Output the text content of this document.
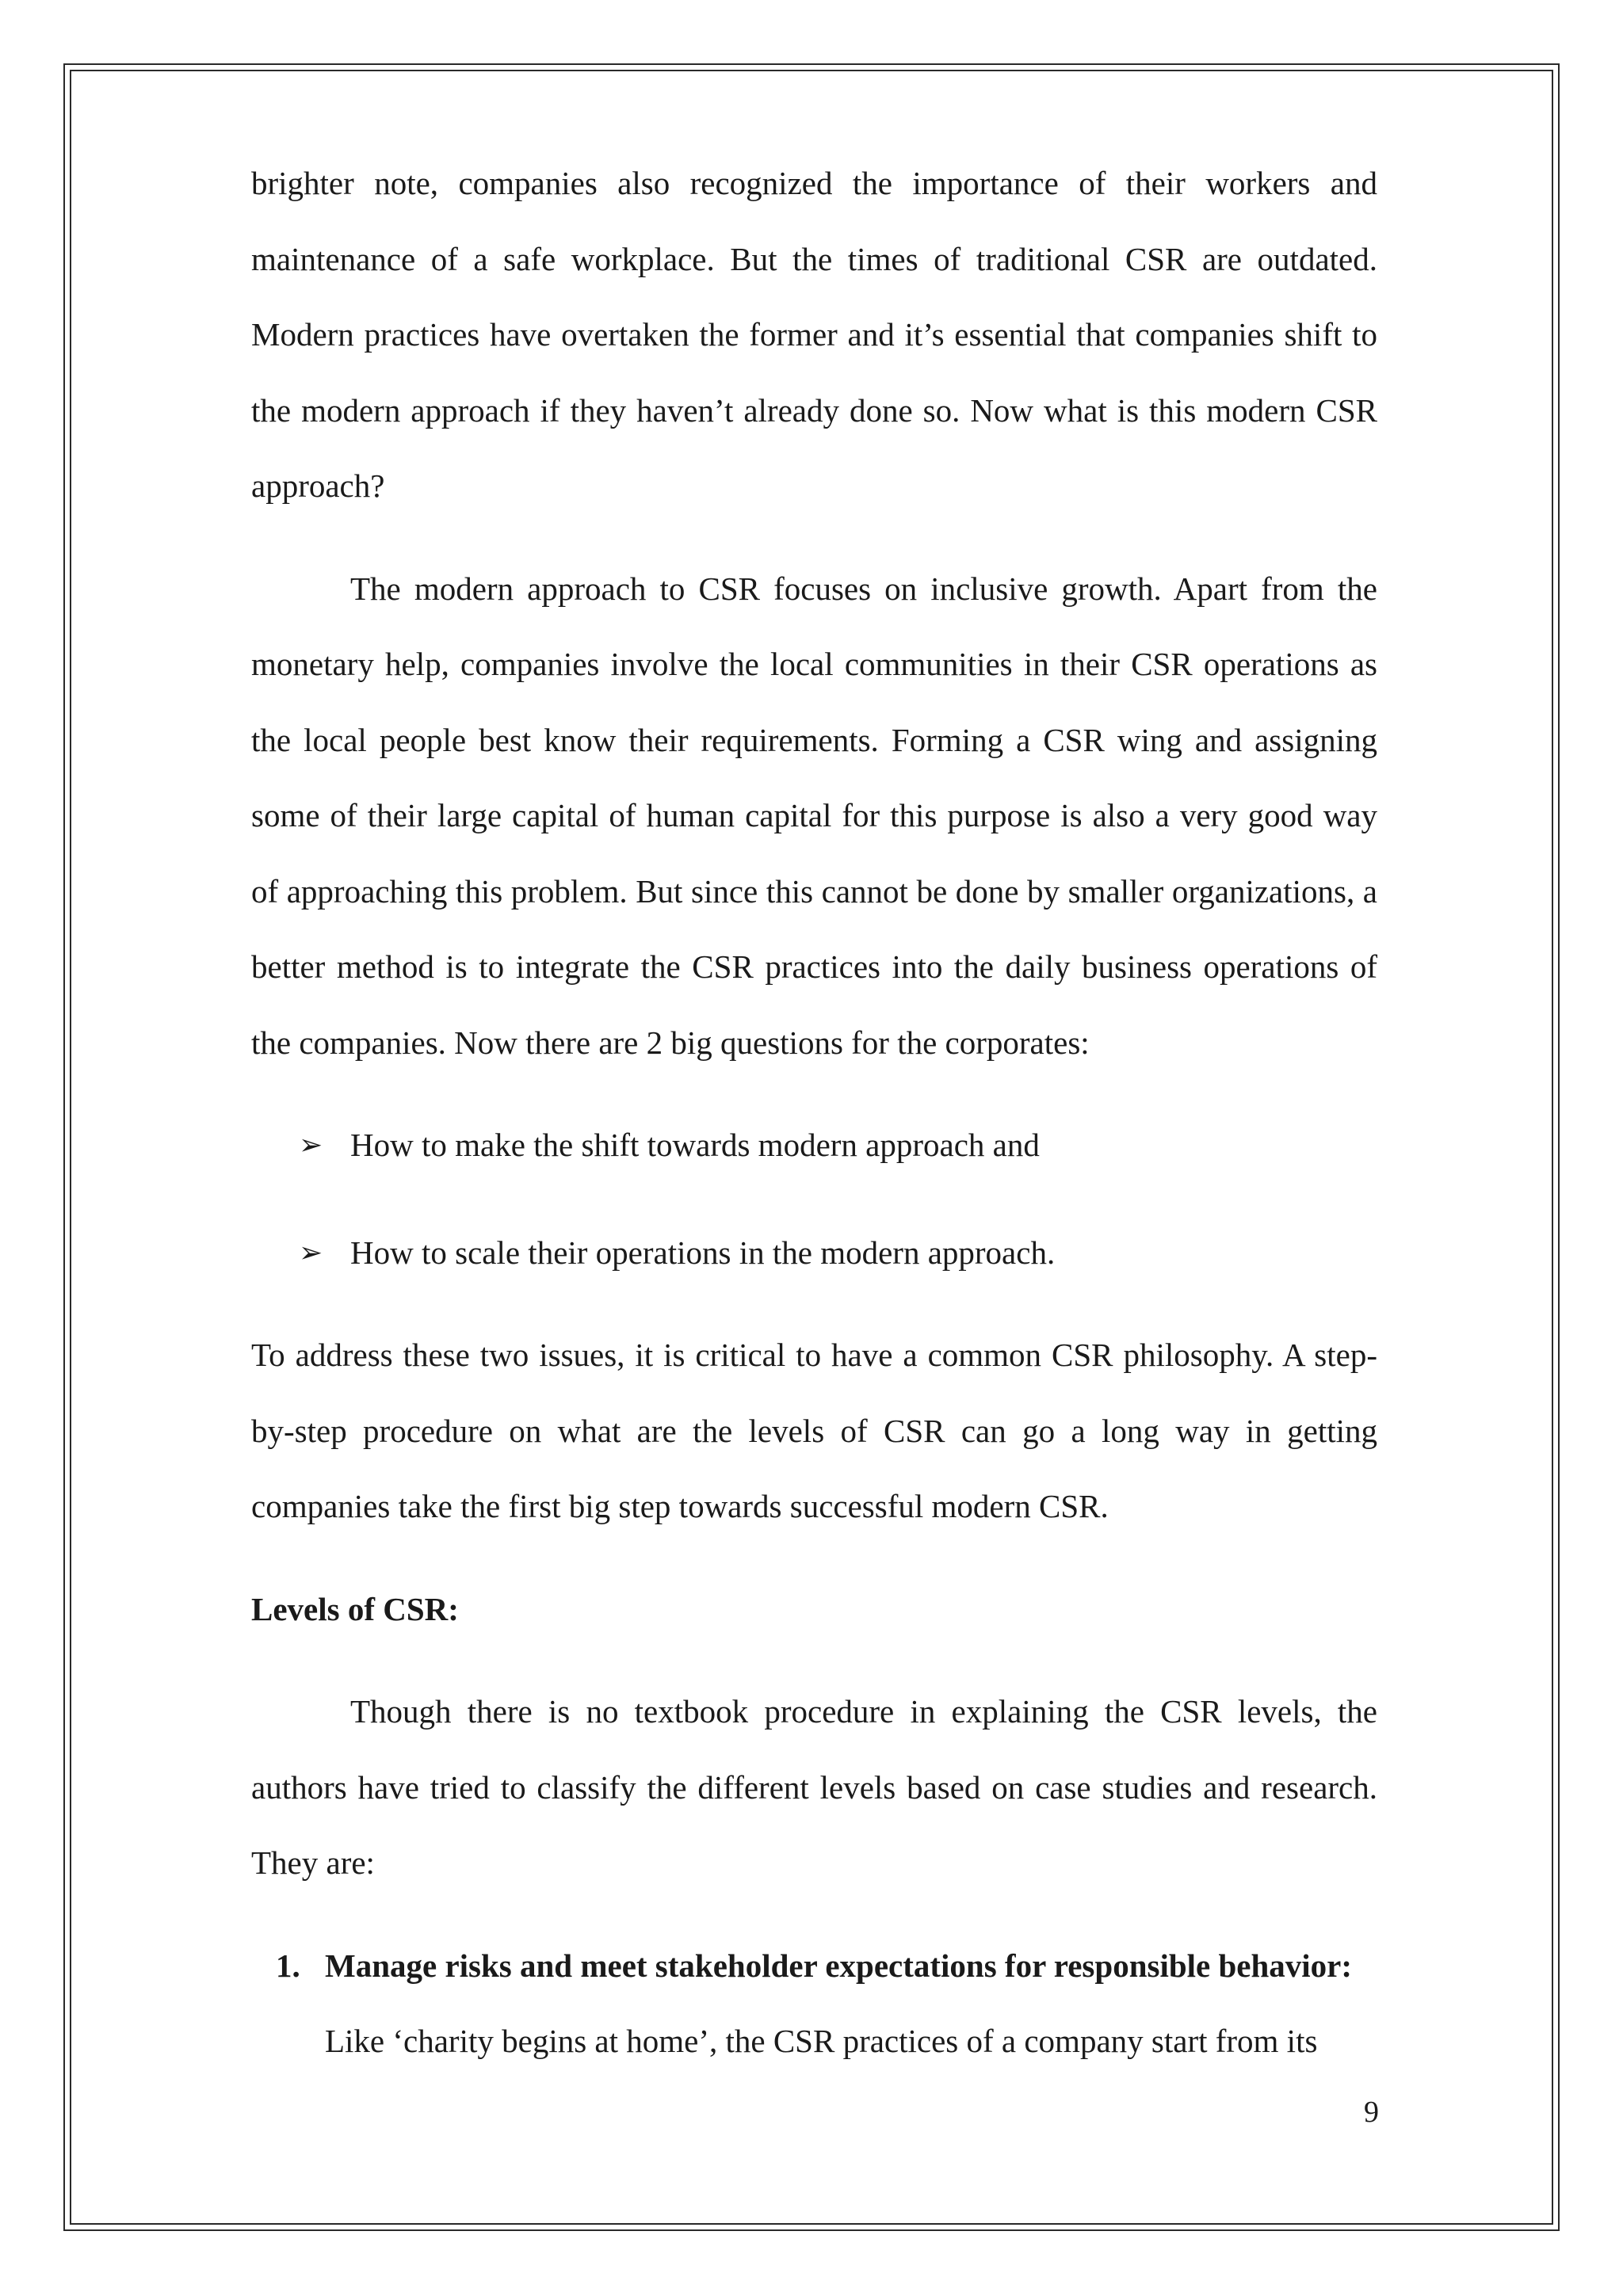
brighter note, companies also recognized the importance of their workers and maintenance of a safe workplace. But the times of traditional CSR are outdated. Modern practices have overtaken the former and it’s essential that companies shift to the modern approach if they haven’t already done so. Now what is this modern CSR approach?

The modern approach to CSR focuses on inclusive growth. Apart from the monetary help, companies involve the local communities in their CSR operations as the local people best know their requirements. Forming a CSR wing and assigning some of their large capital of human capital for this purpose is also a very good way of approaching this problem. But since this cannot be done by smaller organizations, a better method is to integrate the CSR practices into the daily business operations of the companies. Now there are 2 big questions for the corporates:

➢ How to make the shift towards modern approach and
➢ How to scale their operations in the modern approach.

To address these two issues, it is critical to have a common CSR philosophy. A step-by-step procedure on what are the levels of CSR can go a long way in getting companies take the first big step towards successful modern CSR.

Levels of CSR:

Though there is no textbook procedure in explaining the CSR levels, the authors have tried to classify the different levels based on case studies and research. They are:

1. Manage risks and meet stakeholder expectations for responsible behavior:
Like ‘charity begins at home’, the CSR practices of a company start from its
9
